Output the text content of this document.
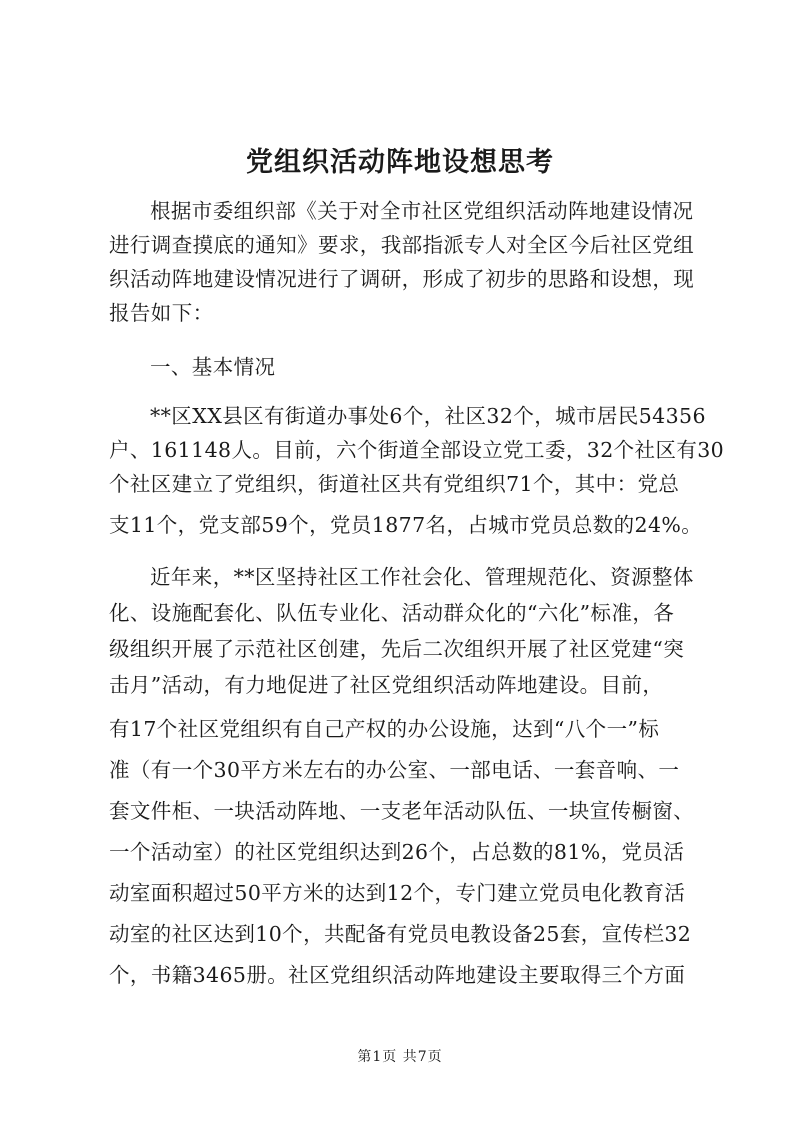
党组织活动阵地设想思考
根据市委组织部《关于对全市社区党组织活动阵地建设情况
进行调查摸底的通知》要求，我部指派专人对全区今后社区党组
织活动阵地建设情况进行了调研，形成了初步的思路和设想，现
报告如下：
一、基本情况
**区XX县区有街道办事处6个，社区32个，城市居民54356
户、161148人。目前，六个街道全部设立党工委，32个社区有30
个社区建立了党组织，街道社区共有党组织71个，其中：党总
支11个，党支部59个，党员1877名，占城市党员总数的24%。
近年来，**区坚持社区工作社会化、管理规范化、资源整体
化、设施配套化、队伍专业化、活动群众化的“六化”标准，各
级组织开展了示范社区创建，先后二次组织开展了社区党建“突
击月”活动，有力地促进了社区党组织活动阵地建设。目前，
有17个社区党组织有自己产权的办公设施，达到“八个一”标
准（有一个30平方米左右的办公室、一部电话、一套音响、一
套文件柜、一块活动阵地、一支老年活动队伍、一块宣传橱窗、
一个活动室）的社区党组织达到26个，占总数的81%，党员活
动室面积超过50平方米的达到12个，专门建立党员电化教育活
动室的社区达到10个，共配备有党员电教设备25套，宣传栏32
个，书籍3465册。社区党组织活动阵地建设主要取得三个方面
第1页 共7页
